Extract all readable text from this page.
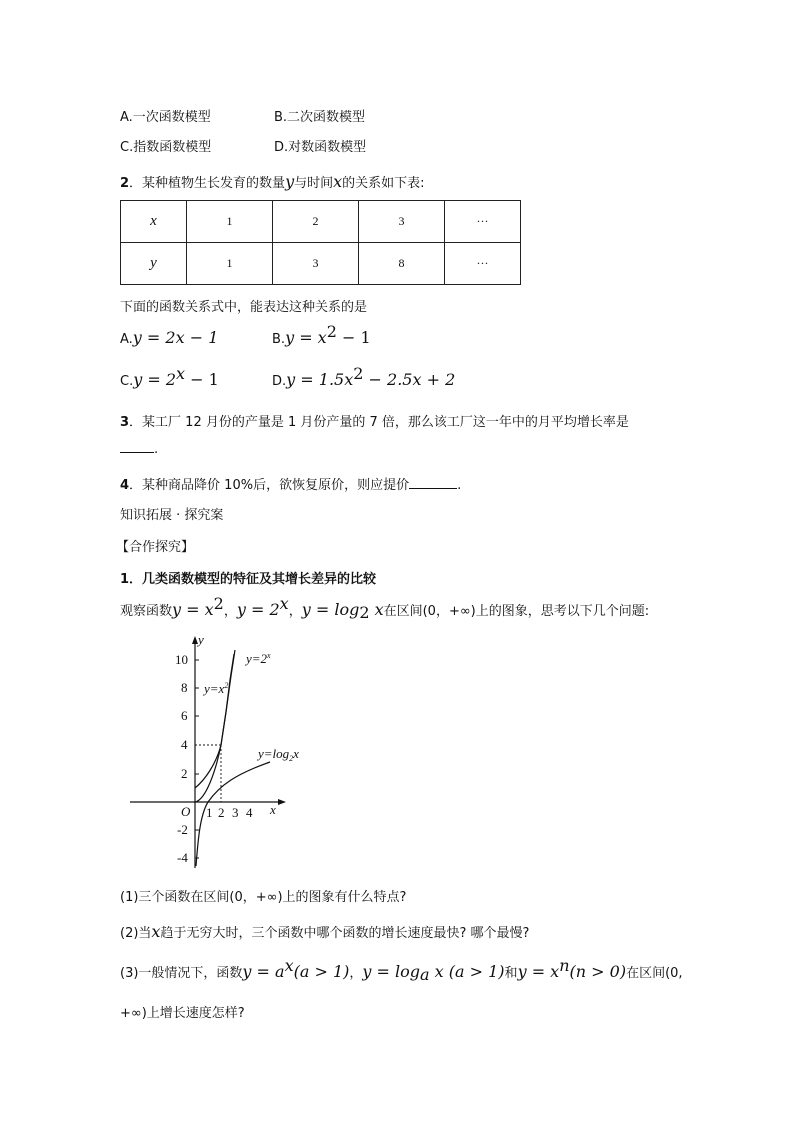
A.一次函数模型	B.二次函数模型
C.指数函数模型	D.对数函数模型
2．某种植物生长发育的数量y与时间x的关系如下表:
x	1	2	3	···
y	1	3	8	···
下面的函数关系式中，能表达这种关系的是
A.y = 2x − 1	$B.y = x^2 - 1$
$C.y = 2^x - 1$	$D.y = 1.5x^2 - 2.5x + 2$
3．某工厂 12 月份的产量是 1 月份产量的 7 倍，那么该工厂这一年中的月平均增长率是
.
4．某种商品降价 10%后，欲恢复原价，则应提价	.
知识拓展 · 探究案
【合作探究】
1．几类函数模型的特征及其增长差异的比较
观察函数$y = x^2$，$y = 2^x$，$y = \log_2 x$在区间(0，+∞)上的图象，思考以下几个问题:
10
8
6
4
2
-2
-4
1 2 3 4 x
y
O
$y=2^x$
$y=x^2$
$y=\log_2x$
(1)三个函数在区间(0，+∞)上的图象有什么特点?
(2)当x趋于无穷大时，三个函数中哪个函数的增长速度最快? 哪个最慢?
(3)一般情况下，函数$y = a^x(a > 1)$，$y = \log_a x$ (a > 1)和$y = x^n(n > 0)$在区间(0,
+∞)上增长速度怎样?
